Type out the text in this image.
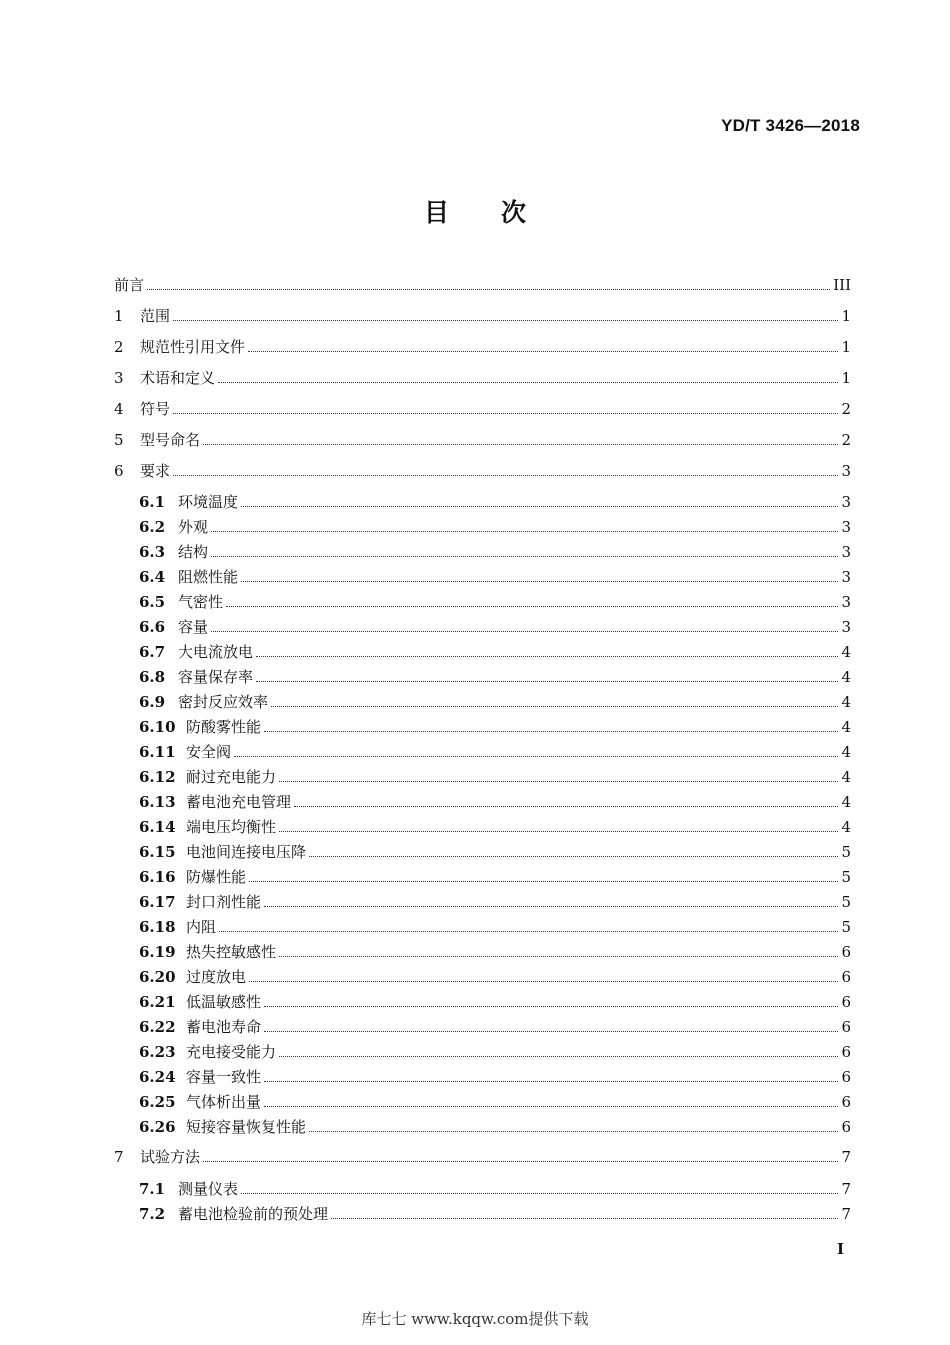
YD/T 3426—2018
目 次
前言	III
1	范围	1
2	规范性引用文件	1
3	术语和定义	1
4	符号	2
5	型号命名	2
6	要求	3
6.1 环境温度	3
6.2 外观	3
6.3 结构	3
6.4 阻燃性能	3
6.5 气密性	3
6.6 容量	3
6.7 大电流放电	4
6.8 容量保存率	4
6.9 密封反应效率	4
6.10 防酸雾性能	4
6.11 安全阀	4
6.12 耐过充电能力	4
6.13 蓄电池充电管理	4
6.14 端电压均衡性	4
6.15 电池间连接电压降	5
6.16 防爆性能	5
6.17 封口剂性能	5
6.18 内阻	5
6.19 热失控敏感性	6
6.20 过度放电	6
6.21 低温敏感性	6
6.22 蓄电池寿命	6
6.23 充电接受能力	6
6.24 容量一致性	6
6.25 气体析出量	6
6.26 短接容量恢复性能	6
7	试验方法	7
7.1 测量仪表	7
7.2 蓄电池检验前的预处理	7
I
库七七 www.kqqw.com提供下载
